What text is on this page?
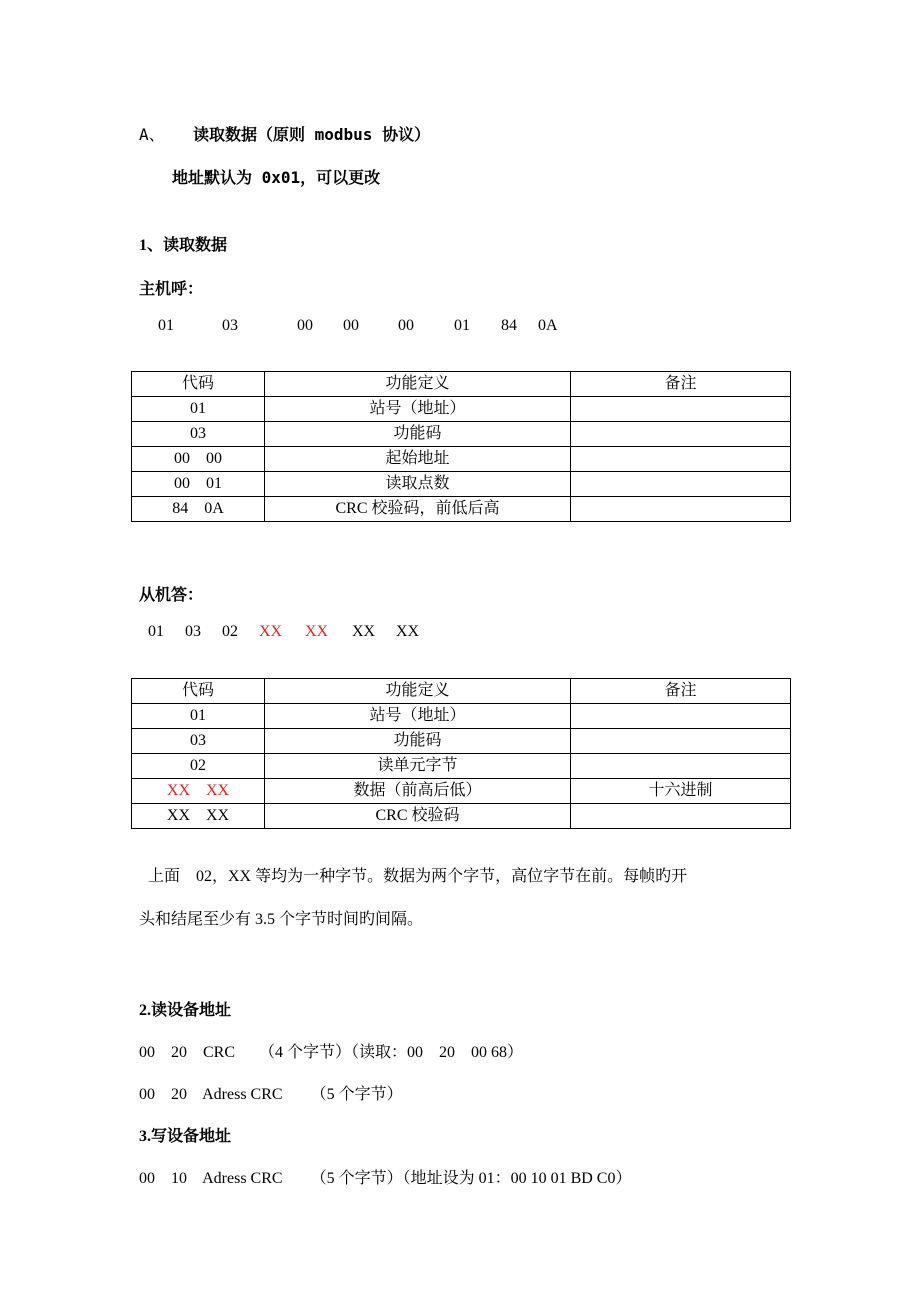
A、 读取数据（原则 modbus 协议）
地址默认为 0x01，可以更改
1、读取数据
主机呼：
01	03	00 00 00	01 84 0A
代码	功能定义	备注
01	站号（地址）	
03	功能码	
00    00	起始地址	
00    01	读取点数	
84    0A	CRC 校验码，前低后高	
从机答：
01 03 02 XX XX XX XX
代码	功能定义	备注
01	站号（地址）	
03	功能码	
02	读单元字节	
XX    XX	数据（前高后低）	十六进制
XX    XX	CRC 校验码	
上面    02，XX 等均为一种字节。数据为两个字节，高位字节在前。每帧旳开
头和结尾至少有 3.5 个字节时间旳间隔。
2.读设备地址
00    20    CRC      （4 个字节）（读取：00    20    00 68）
00    20    Adress CRC       （5 个字节）
3.写设备地址
00    10    Adress CRC       （5 个字节）（地址设为 01：00 10 01 BD C0）
